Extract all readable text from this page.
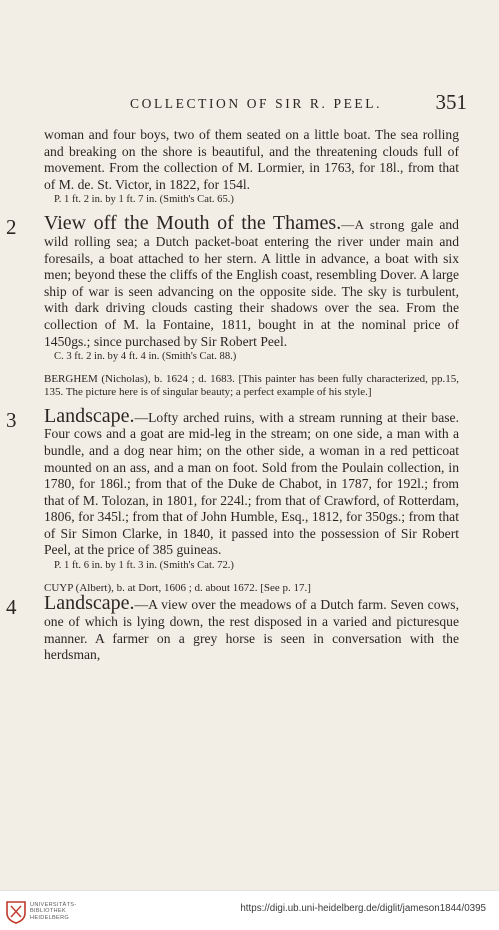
COLLECTION OF SIR R. PEEL.	351

woman and four boys, two of them seated on a little boat. The sea rolling and breaking on the shore is beautiful, and the threatening clouds full of movement. From the collection of M. Lormier, in 1763, for 18l., from that of M. de. St. Victor, in 1822, for 154l.

P. 1 ft. 2 in. by 1 ft. 7 in. (Smith's Cat. 65.)

2 View off the Mouth of the Thames.—A strong gale and wild rolling sea; a Dutch packet-boat entering the river under main and foresails, a boat attached to her stern. A little in advance, a boat with six men; beyond these the cliffs of the English coast, resembling Dover. A large ship of war is seen advancing on the opposite side. The sky is turbulent, with dark driving clouds casting their shadows over the sea. From the collection of M. la Fontaine, 1811, bought in at the nominal price of 1450gs.; since purchased by Sir Robert Peel.

C. 3 ft. 2 in. by 4 ft. 4 in. (Smith's Cat. 88.)

BERGHEM (Nicholas), b. 1624 ; d. 1683. [This painter has been fully characterized, pp.15, 135. The picture here is of singular beauty; a perfect example of his style.]

3 Landscape.—Lofty arched ruins, with a stream running at their base. Four cows and a goat are mid-leg in the stream; on one side, a man with a bundle, and a dog near him; on the other side, a woman in a red petticoat mounted on an ass, and a man on foot. Sold from the Poulain collection, in 1780, for 186l.; from that of the Duke de Chabot, in 1787, for 192l.; from that of M. Tolozan, in 1801, for 224l.; from that of Crawford, of Rotterdam, 1806, for 345l.; from that of John Humble, Esq., 1812, for 350gs.; from that of Sir Simon Clarke, in 1840, it passed into the possession of Sir Robert Peel, at the price of 385 guineas.

P. 1 ft. 6 in. by 1 ft. 3 in. (Smith's Cat. 72.)

CUYP (Albert), b. at Dort, 1606 ; d. about 1672. [See p. 17.]

4 Landscape.—A view over the meadows of a Dutch farm. Seven cows, one of which is lying down, the rest disposed in a varied and picturesque manner. A farmer on a grey horse is seen in conversation with the herdsman,

UNIVERSITÄTS-
BIBLIOTHEK
HEIDELBERG
https://digi.ub.uni-heidelberg.de/diglit/jameson1844/0395
